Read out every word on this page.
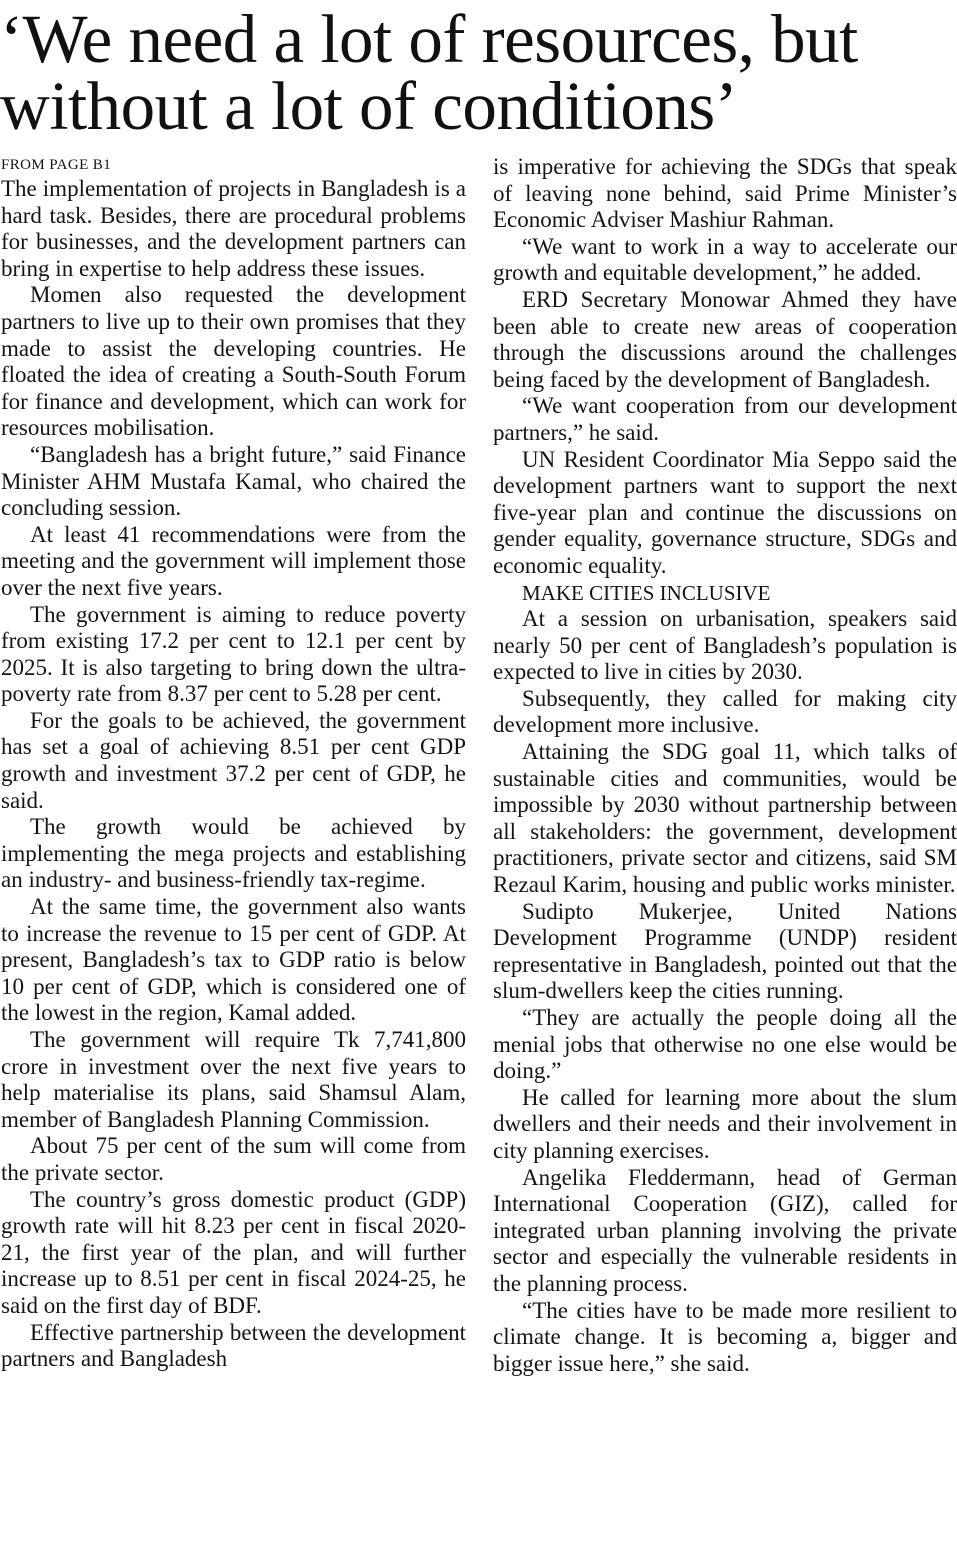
‘We need a lot of resources, but without a lot of conditions’
FROM PAGE B1

The implementation of projects in Bangladesh is a hard task. Besides, there are procedural problems for businesses, and the development partners can bring in expertise to help address these issues.

Momen also requested the development partners to live up to their own promises that they made to assist the developing countries. He floated the idea of creating a South-South Forum for finance and development, which can work for resources mobilisation.

“Bangladesh has a bright future,” said Finance Minister AHM Mustafa Kamal, who chaired the concluding session.

At least 41 recommendations were from the meeting and the government will implement those over the next five years.

The government is aiming to reduce poverty from existing 17.2 per cent to 12.1 per cent by 2025. It is also targeting to bring down the ultra-poverty rate from 8.37 per cent to 5.28 per cent.

For the goals to be achieved, the government has set a goal of achieving 8.51 per cent GDP growth and investment 37.2 per cent of GDP, he said.

The growth would be achieved by implementing the mega projects and establishing an industry- and business-friendly tax-regime.

At the same time, the government also wants to increase the revenue to 15 per cent of GDP. At present, Bangladesh’s tax to GDP ratio is below 10 per cent of GDP, which is considered one of the lowest in the region, Kamal added.

The government will require Tk 7,741,800 crore in investment over the next five years to help materialise its plans, said Shamsul Alam, member of Bangladesh Planning Commission.

About 75 per cent of the sum will come from the private sector.

The country’s gross domestic product (GDP) growth rate will hit 8.23 per cent in fiscal 2020-21, the first year of the plan, and will further increase up to 8.51 per cent in fiscal 2024-25, he said on the first day of BDF.

Effective partnership between the development partners and Bangladesh

is imperative for achieving the SDGs that speak of leaving none behind, said Prime Minister’s Economic Adviser Mashiur Rahman.

“We want to work in a way to accelerate our growth and equitable development,” he added.

ERD Secretary Monowar Ahmed they have been able to create new areas of cooperation through the discussions around the challenges being faced by the development of Bangladesh.

“We want cooperation from our development partners,” he said.

UN Resident Coordinator Mia Seppo said the development partners want to support the next five-year plan and continue the discussions on gender equality, governance structure, SDGs and economic equality.

MAKE CITIES INCLUSIVE

At a session on urbanisation, speakers said nearly 50 per cent of Bangladesh’s population is expected to live in cities by 2030.

Subsequently, they called for making city development more inclusive.

Attaining the SDG goal 11, which talks of sustainable cities and communities, would be impossible by 2030 without partnership between all stakeholders: the government, development practitioners, private sector and citizens, said SM Rezaul Karim, housing and public works minister.

Sudipto Mukerjee, United Nations Development Programme (UNDP) resident representative in Bangladesh, pointed out that the slum-dwellers keep the cities running.

“They are actually the people doing all the menial jobs that otherwise no one else would be doing.”

He called for learning more about the slum dwellers and their needs and their involvement in city planning exercises.

Angelika Fleddermann, head of German International Cooperation (GIZ), called for integrated urban planning involving the private sector and especially the vulnerable residents in the planning process.

“The cities have to be made more resilient to climate change. It is becoming a, bigger and bigger issue here,” she said.
